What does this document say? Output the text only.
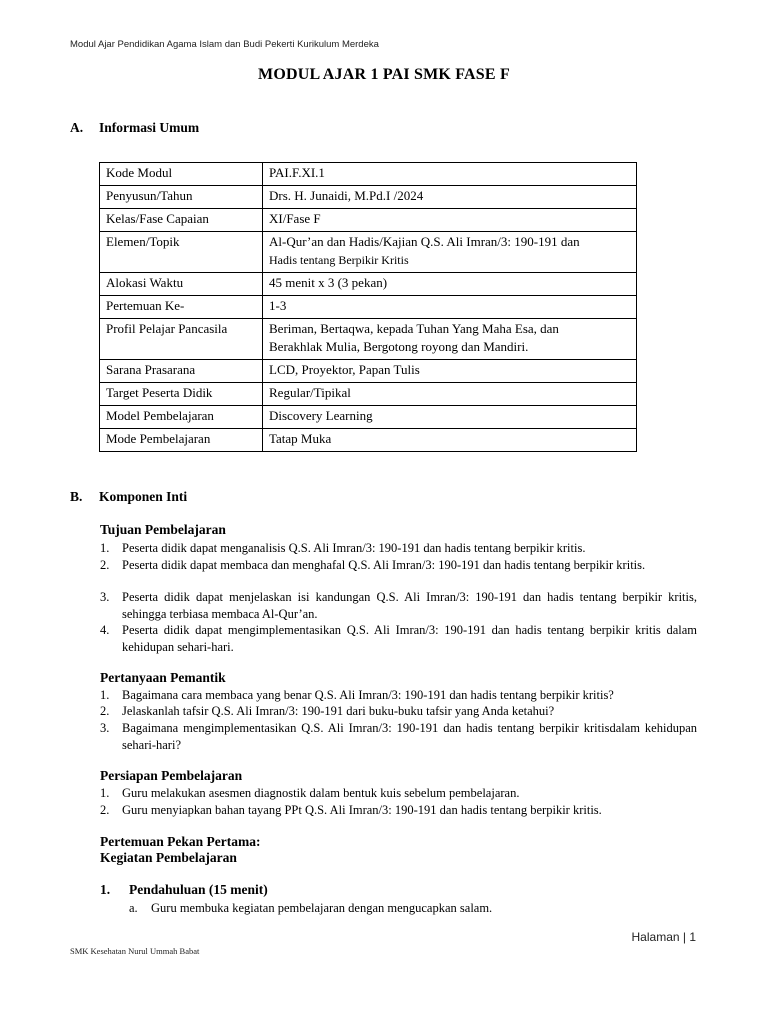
Modul Ajar Pendidikan Agama Islam dan Budi Pekerti Kurikulum Merdeka
MODUL AJAR 1 PAI SMK FASE F
A. Informasi Umum
Kode Modul	PAI.F.XI.1
Penyusun/Tahun	Drs. H. Junaidi, M.Pd.I /2024
Kelas/Fase Capaian	XI/Fase F
Elemen/Topik	Al-Qur’an dan Hadis/Kajian Q.S. Ali Imran/3: 190-191 dan
Hadis tentang Berpikir Kritis

Alokasi Waktu	45 menit x 3 (3 pekan)
Pertemuan Ke-	1-3
Profil Pelajar Pancasila	Beriman, Bertaqwa, kepada Tuhan Yang Maha Esa, dan
Berakhlak Mulia, Bergotong royong dan Mandiri.

Sarana Prasarana	LCD, Proyektor, Papan Tulis
Target Peserta Didik	Regular/Tipikal
Model Pembelajaran	Discovery Learning
Mode Pembelajaran	Tatap Muka
B. Komponen Inti
Tujuan Pembelajaran
1. Peserta didik dapat menganalisis Q.S. Ali Imran/3: 190-191 dan hadis tentang berpikir kritis.
2. Peserta didik dapat membaca dan menghafal Q.S. Ali Imran/3: 190-191 dan hadis tentang berpikir kritis.
3. Peserta didik dapat menjelaskan isi kandungan Q.S. Ali Imran/3: 190-191 dan hadis tentang berpikir kritis, sehingga terbiasa membaca Al-Qur’an.
4. Peserta didik dapat mengimplementasikan Q.S. Ali Imran/3: 190-191 dan hadis tentang berpikir kritis dalam kehidupan sehari-hari.
Pertanyaan Pemantik
1. Bagaimana cara membaca yang benar Q.S. Ali Imran/3: 190-191 dan hadis tentang berpikir kritis?
2. Jelaskanlah tafsir Q.S. Ali Imran/3: 190-191 dari buku-buku tafsir yang Anda ketahui?
3. Bagaimana mengimplementasikan Q.S. Ali Imran/3: 190-191 dan hadis tentang berpikir kritisdalam kehidupan sehari-hari?
Persiapan Pembelajaran
1. Guru melakukan asesmen diagnostik dalam bentuk kuis sebelum pembelajaran.
2. Guru menyiapkan bahan tayang PPt Q.S. Ali Imran/3: 190-191 dan hadis tentang berpikir kritis.
Pertemuan Pekan Pertama:
Kegiatan Pembelajaran
1. Pendahuluan (15 menit)
a. Guru membuka kegiatan pembelajaran dengan mengucapkan salam.
Halaman | 1
SMK Kesehatan Nurul Ummah Babat
